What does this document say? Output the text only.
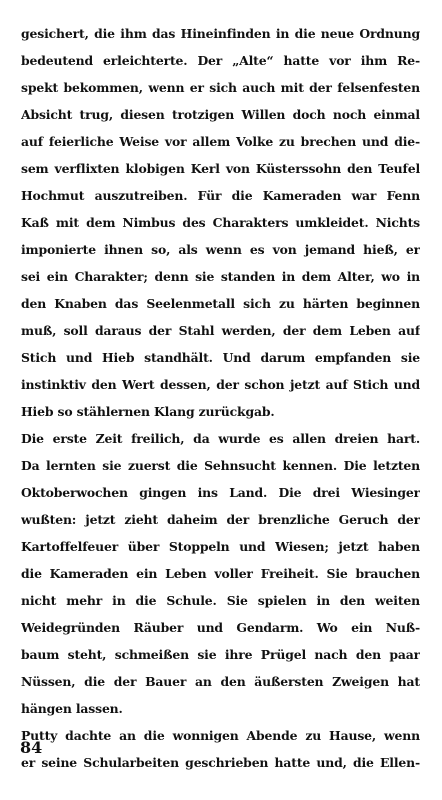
gesichert, die ihm das Hineinfinden in die neue Ordnung
bedeutend erleichterte. Der „Alte“ hatte vor ihm Re-
spekt bekommen, wenn er sich auch mit der felsenfesten
Absicht trug, diesen trotzigen Willen doch noch einmal
auf feierliche Weise vor allem Volke zu brechen und die-
sem verflixten klobigen Kerl von Küsterssohn den Teufel
Hochmut auszutreiben. Für die Kameraden war Fenn
Kaß mit dem Nimbus des Charakters umkleidet. Nichts
imponierte ihnen so, als wenn es von jemand hieß, er
sei ein Charakter; denn sie standen in dem Alter, wo in
den Knaben das Seelenmetall sich zu härten beginnen
muß, soll daraus der Stahl werden, der dem Leben auf
Stich und Hieb standhält. Und darum empfanden sie
instinktiv den Wert dessen, der schon jetzt auf Stich und
Hieb so stählernen Klang zurückgab.
Die erste Zeit freilich, da wurde es allen dreien hart.
Da lernten sie zuerst die Sehnsucht kennen. Die letzten
Oktoberwochen gingen ins Land. Die drei Wiesinger
wußten: jetzt zieht daheim der brenzliche Geruch der
Kartoffelfeuer über Stoppeln und Wiesen; jetzt haben
die Kameraden ein Leben voller Freiheit. Sie brauchen
nicht mehr in die Schule. Sie spielen in den weiten
Weidegründen Räuber und Gendarm. Wo ein Nuß-
baum steht, schmeißen sie ihre Prügel nach den paar
Nüssen, die der Bauer an den äußersten Zweigen hat
hängen lassen.
Putty dachte an die wonnigen Abende zu Hause, wenn
er seine Schularbeiten geschrieben hatte und, die Ellen-
84
